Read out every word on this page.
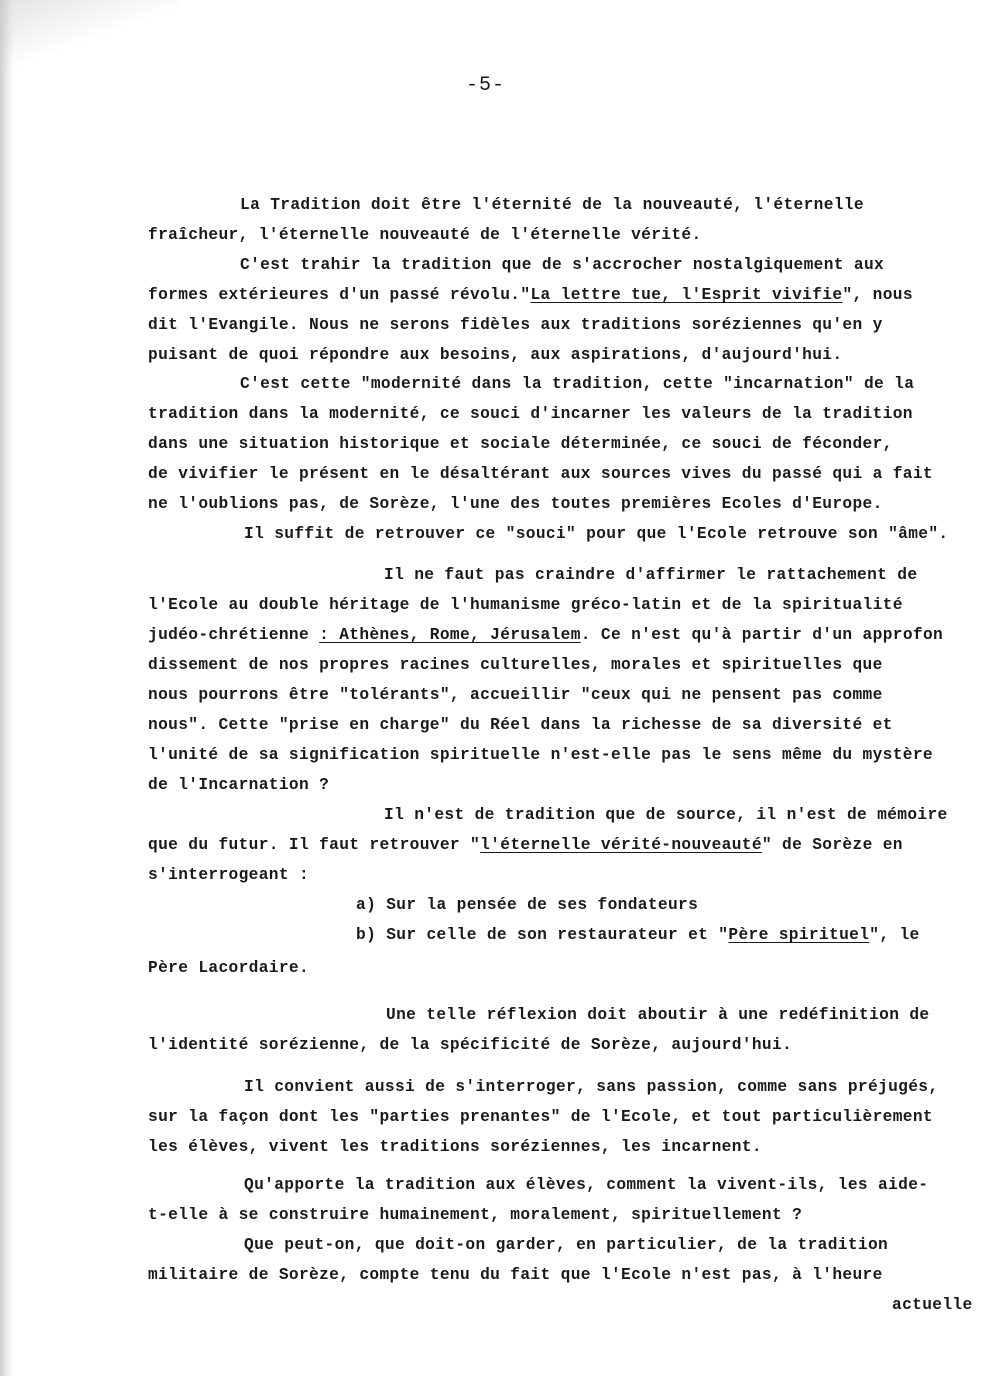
-5-
La Tradition doit être l'éternité de la nouveauté, l'éternelle
fraîcheur, l'éternelle nouveauté de l'éternelle vérité.
C'est trahir la tradition que de s'accrocher nostalgiquement aux
formes extérieures d'un passé révolu."La lettre tue, l'Esprit vivifie", nous
dit l'Evangile. Nous ne serons fidèles aux traditions soréziennes qu'en y
puisant de quoi répondre aux besoins, aux aspirations, d'aujourd'hui.
C'est cette "modernité dans la tradition, cette "incarnation" de la
tradition dans la modernité, ce souci d'incarner les valeurs de la tradition
dans une situation historique et sociale déterminée, ce souci de féconder,
de vivifier le présent en le désaltérant aux sources vives du passé qui a fait
ne l'oublions pas, de Sorèze, l'une des toutes premières Ecoles d'Europe.
Il suffit de retrouver ce "souci" pour que l'Ecole retrouve son "âme".
Il ne faut pas craindre d'affirmer le rattachement de
l'Ecole au double héritage de l'humanisme gréco-latin et de la spiritualité
judéo-chrétienne : Athènes, Rome, Jérusalem. Ce n'est qu'à partir d'un approfon
dissement de nos propres racines culturelles, morales et spirituelles que
nous pourrons être "tolérants", accueillir "ceux qui ne pensent pas comme
nous". Cette "prise en charge" du Réel dans la richesse de sa diversité et
l'unité de sa signification spirituelle n'est-elle pas le sens même du mystère
de l'Incarnation ?
Il n'est de tradition que de source, il n'est de mémoire
que du futur. Il faut retrouver "l'éternelle vérité-nouveauté" de Sorèze en
s'interrogeant :
a) Sur la pensée de ses fondateurs
b) Sur celle de son restaurateur et "Père spirituel", le
Père Lacordaire.
Une telle réflexion doit aboutir à une redéfinition de
l'identité sorézienne, de la spécificité de Sorèze, aujourd'hui.
Il convient aussi de s'interroger, sans passion, comme sans préjugés,
sur la façon dont les "parties prenantes" de l'Ecole, et tout particulièrement
les élèves, vivent les traditions soréziennes, les incarnent.
Qu'apporte la tradition aux élèves, comment la vivent-ils, les aide-
t-elle à se construire humainement, moralement, spirituellement ?
Que peut-on, que doit-on garder, en particulier, de la tradition
militaire de Sorèze, compte tenu du fait que l'Ecole n'est pas, à l'heure
actuelle
